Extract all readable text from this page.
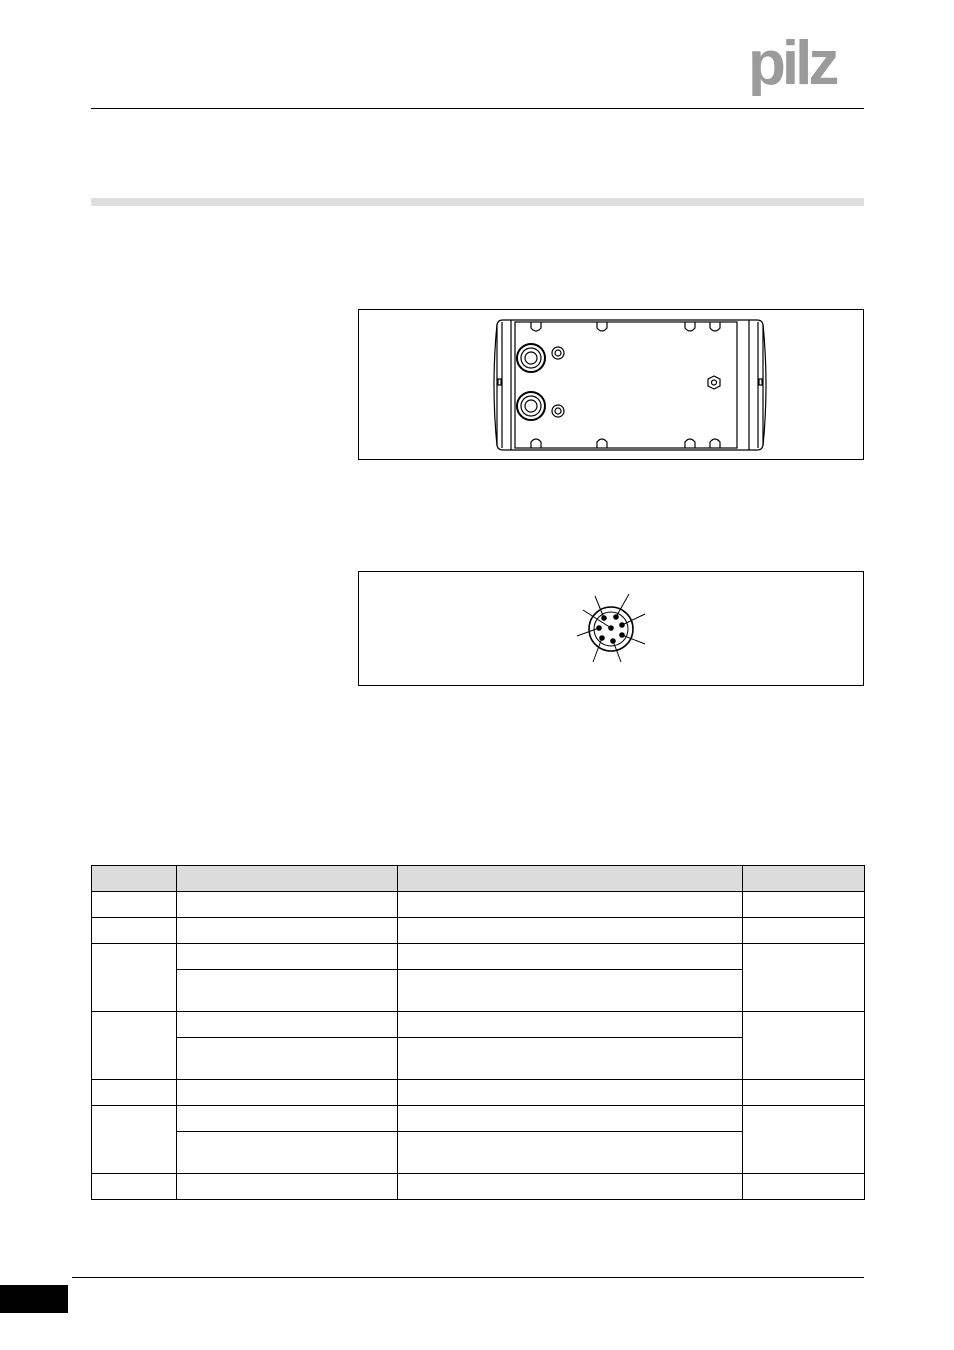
pilz
